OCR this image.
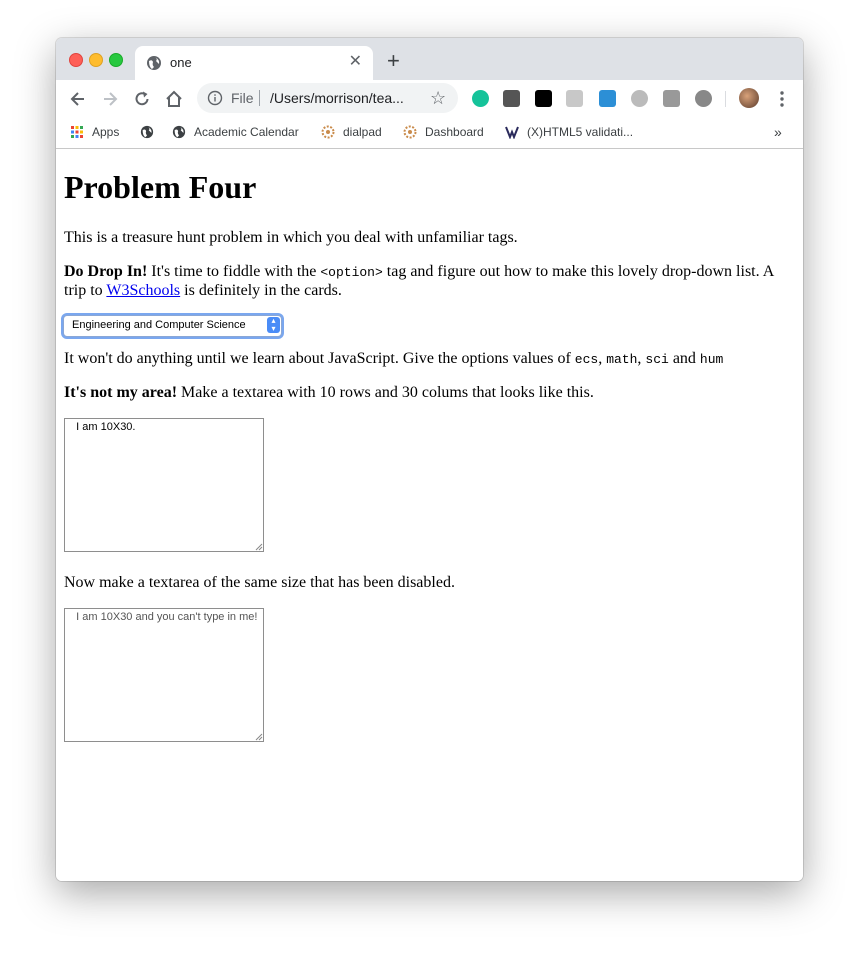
one	✕ +
File /Users/morrison/tea... ☆
Apps	Academic Calendar	dialpad	Dashboard	(X)HTML5 validati...	»
Problem Four

This is a treasure hunt problem in which you deal with unfamiliar tags.

Do Drop In! It's time to fiddle with the <option> tag and figure out how to make this lovely drop-down list. A trip to W3Schools is definitely in the cards.

Engineering and Computer Science	▴
▾

It won't do anything until we learn about JavaScript. Give the options values of ecs, math, sci and hum

It's not my area! Make a textarea with 10 rows and 30 colums that looks like this.

I am 10X30.

Now make a textarea of the same size that has been disabled.

I am 10X30 and you can't type in me!
